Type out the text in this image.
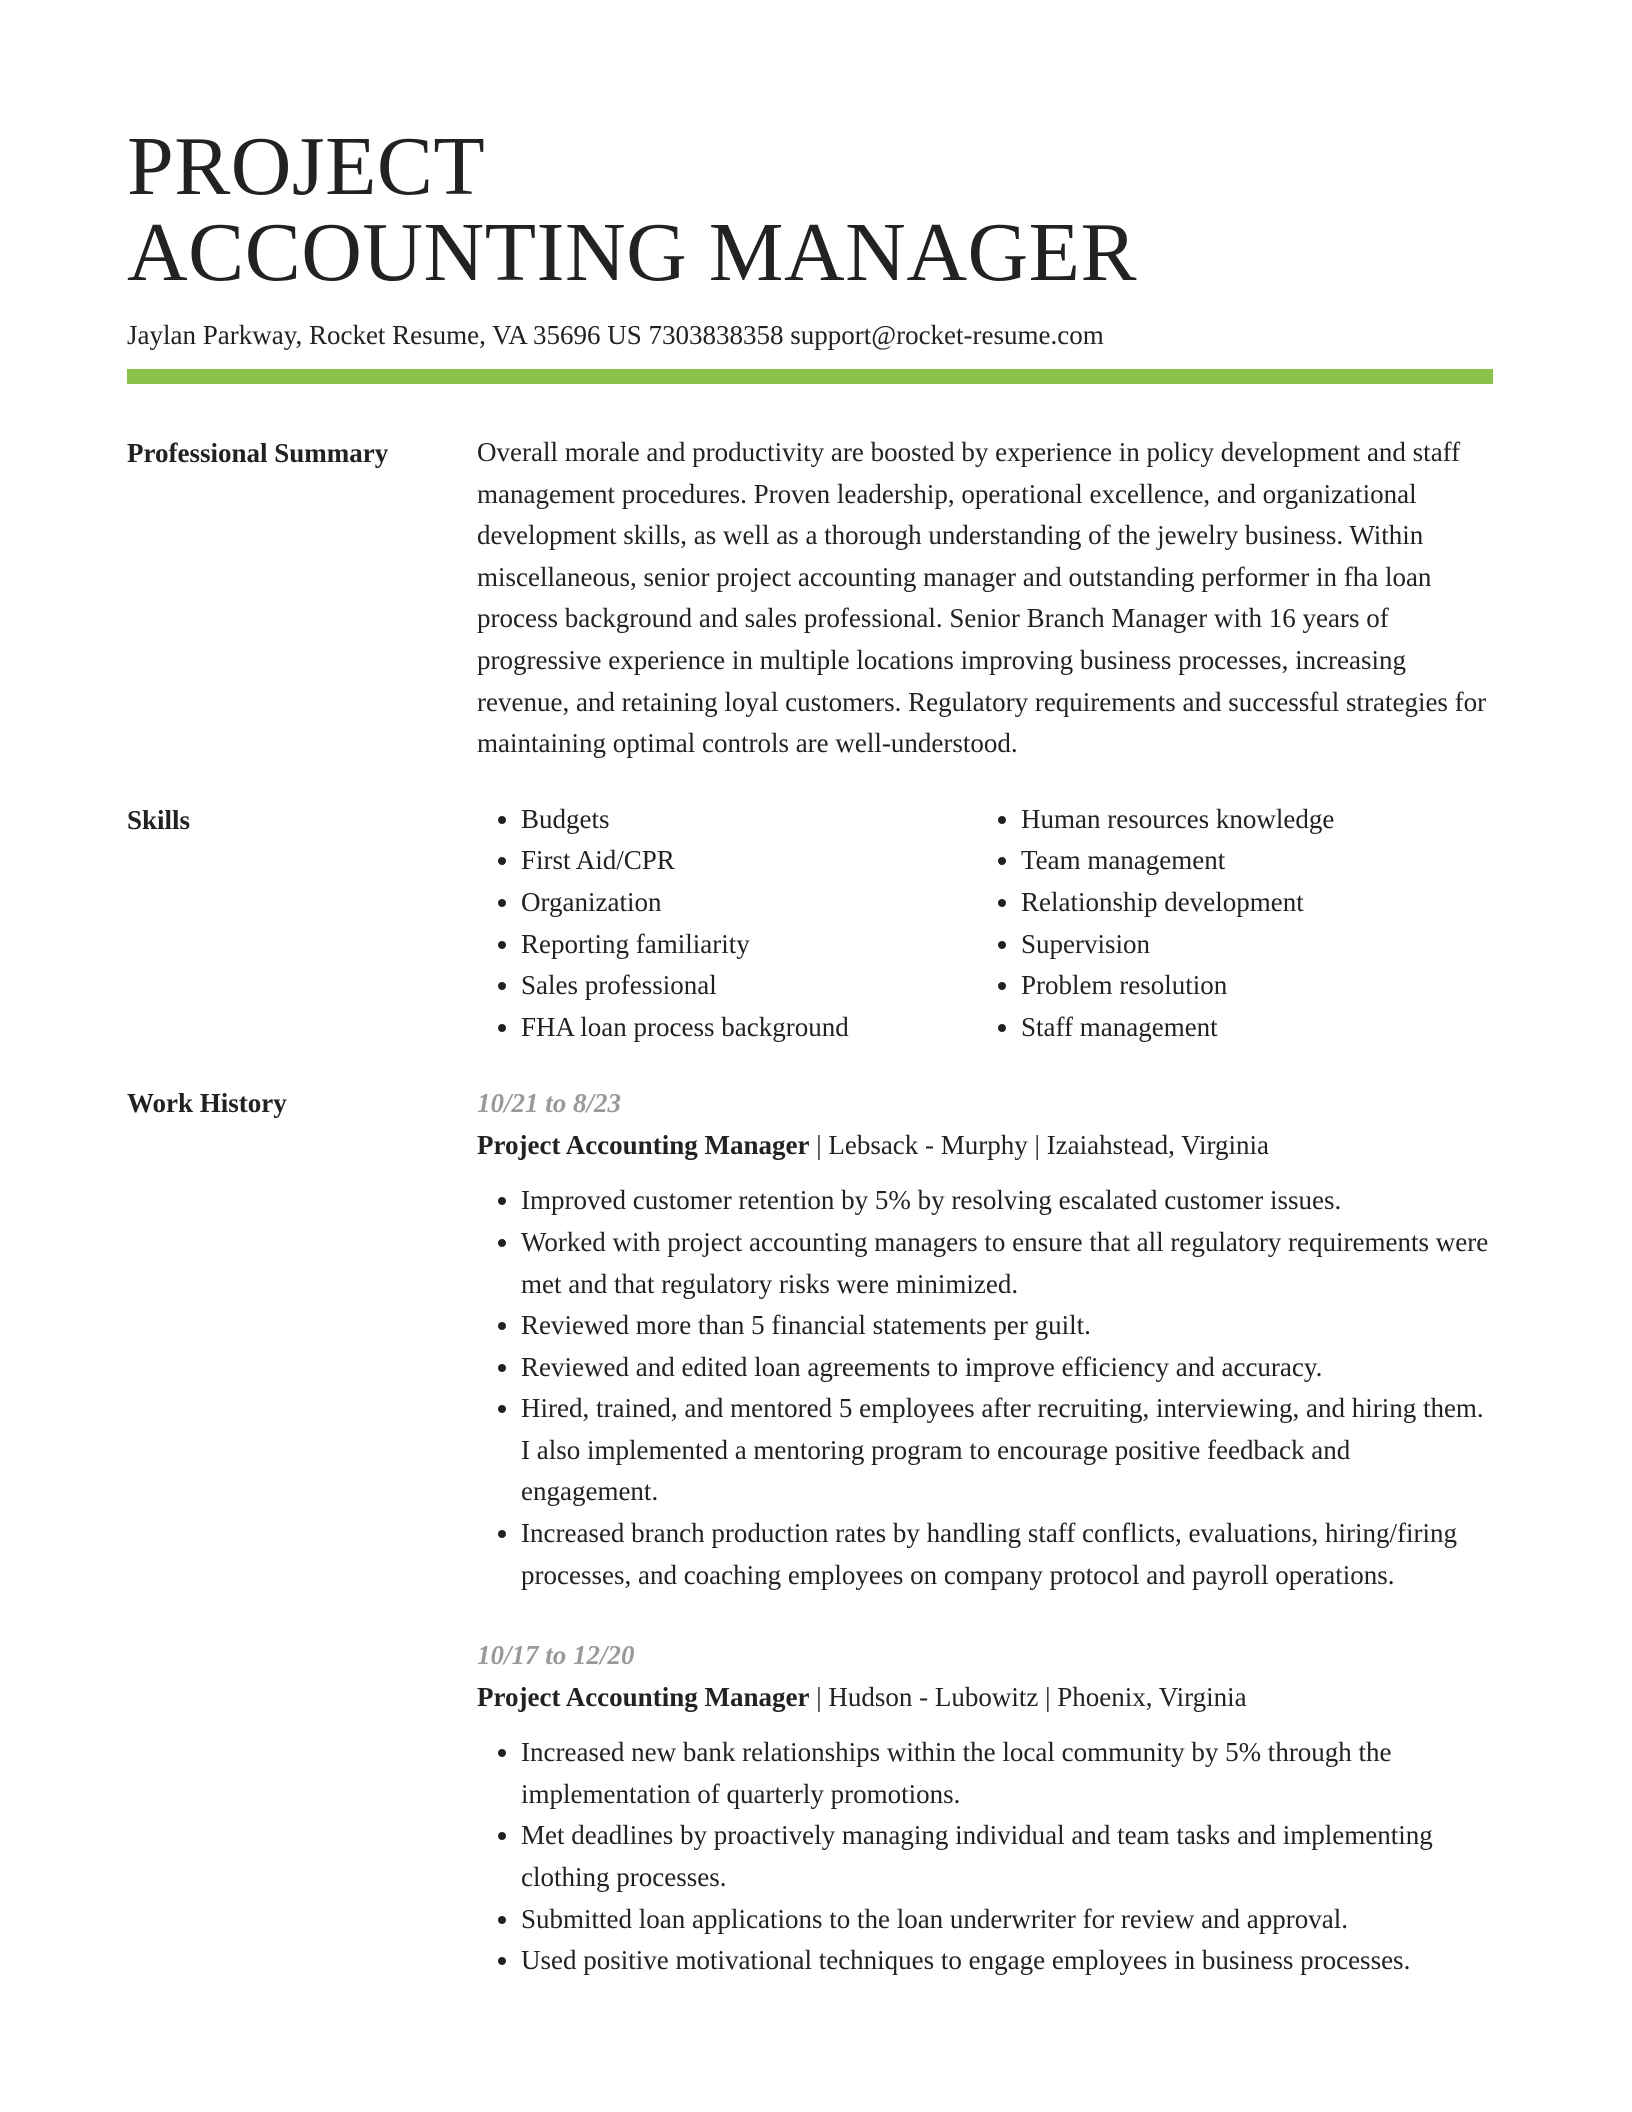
PROJECT
ACCOUNTING MANAGER
Jaylan Parkway, Rocket Resume, VA 35696 US 7303838358 support@rocket-resume.com
Professional Summary	Overall morale and productivity are boosted by experience in policy development and staff management procedures. Proven leadership, operational excellence, and organizational development skills, as well as a thorough understanding of the jewelry business. Within miscellaneous, senior project accounting manager and outstanding performer in fha loan process background and sales professional. Senior Branch Manager with 16 years of progressive experience in multiple locations improving business processes, increasing revenue, and retaining loyal customers. Regulatory requirements and successful strategies for maintaining optimal controls are well-understood.

Skills
•	Budgets
• First Aid/CPR
• Organization
• Reporting familiarity
• Sales professional
• FHA loan process background
• Human resources knowledge
• Team management
• Relationship development
• Supervision
• Problem resolution
• Staff management
Work History	10/21 to 8/23
Project Accounting Manager | Lebsack - Murphy | Izaiahstead, Virginia
• Improved customer retention by 5% by resolving escalated customer issues.
• Worked with project accounting managers to ensure that all regulatory requirements were met and that regulatory risks were minimized.
• Reviewed more than 5 financial statements per guilt.
• Reviewed and edited loan agreements to improve efficiency and accuracy.
• Hired, trained, and mentored 5 employees after recruiting, interviewing, and hiring them. I also implemented a mentoring program to encourage positive feedback and engagement.
• Increased branch production rates by handling staff conflicts, evaluations, hiring/firing processes, and coaching employees on company protocol and payroll operations.
10/17 to 12/20
Project Accounting Manager | Hudson - Lubowitz | Phoenix, Virginia
• Increased new bank relationships within the local community by 5% through the implementation of quarterly promotions.
• Met deadlines by proactively managing individual and team tasks and implementing clothing processes.
• Submitted loan applications to the loan underwriter for review and approval.
• Used positive motivational techniques to engage employees in business processes.
